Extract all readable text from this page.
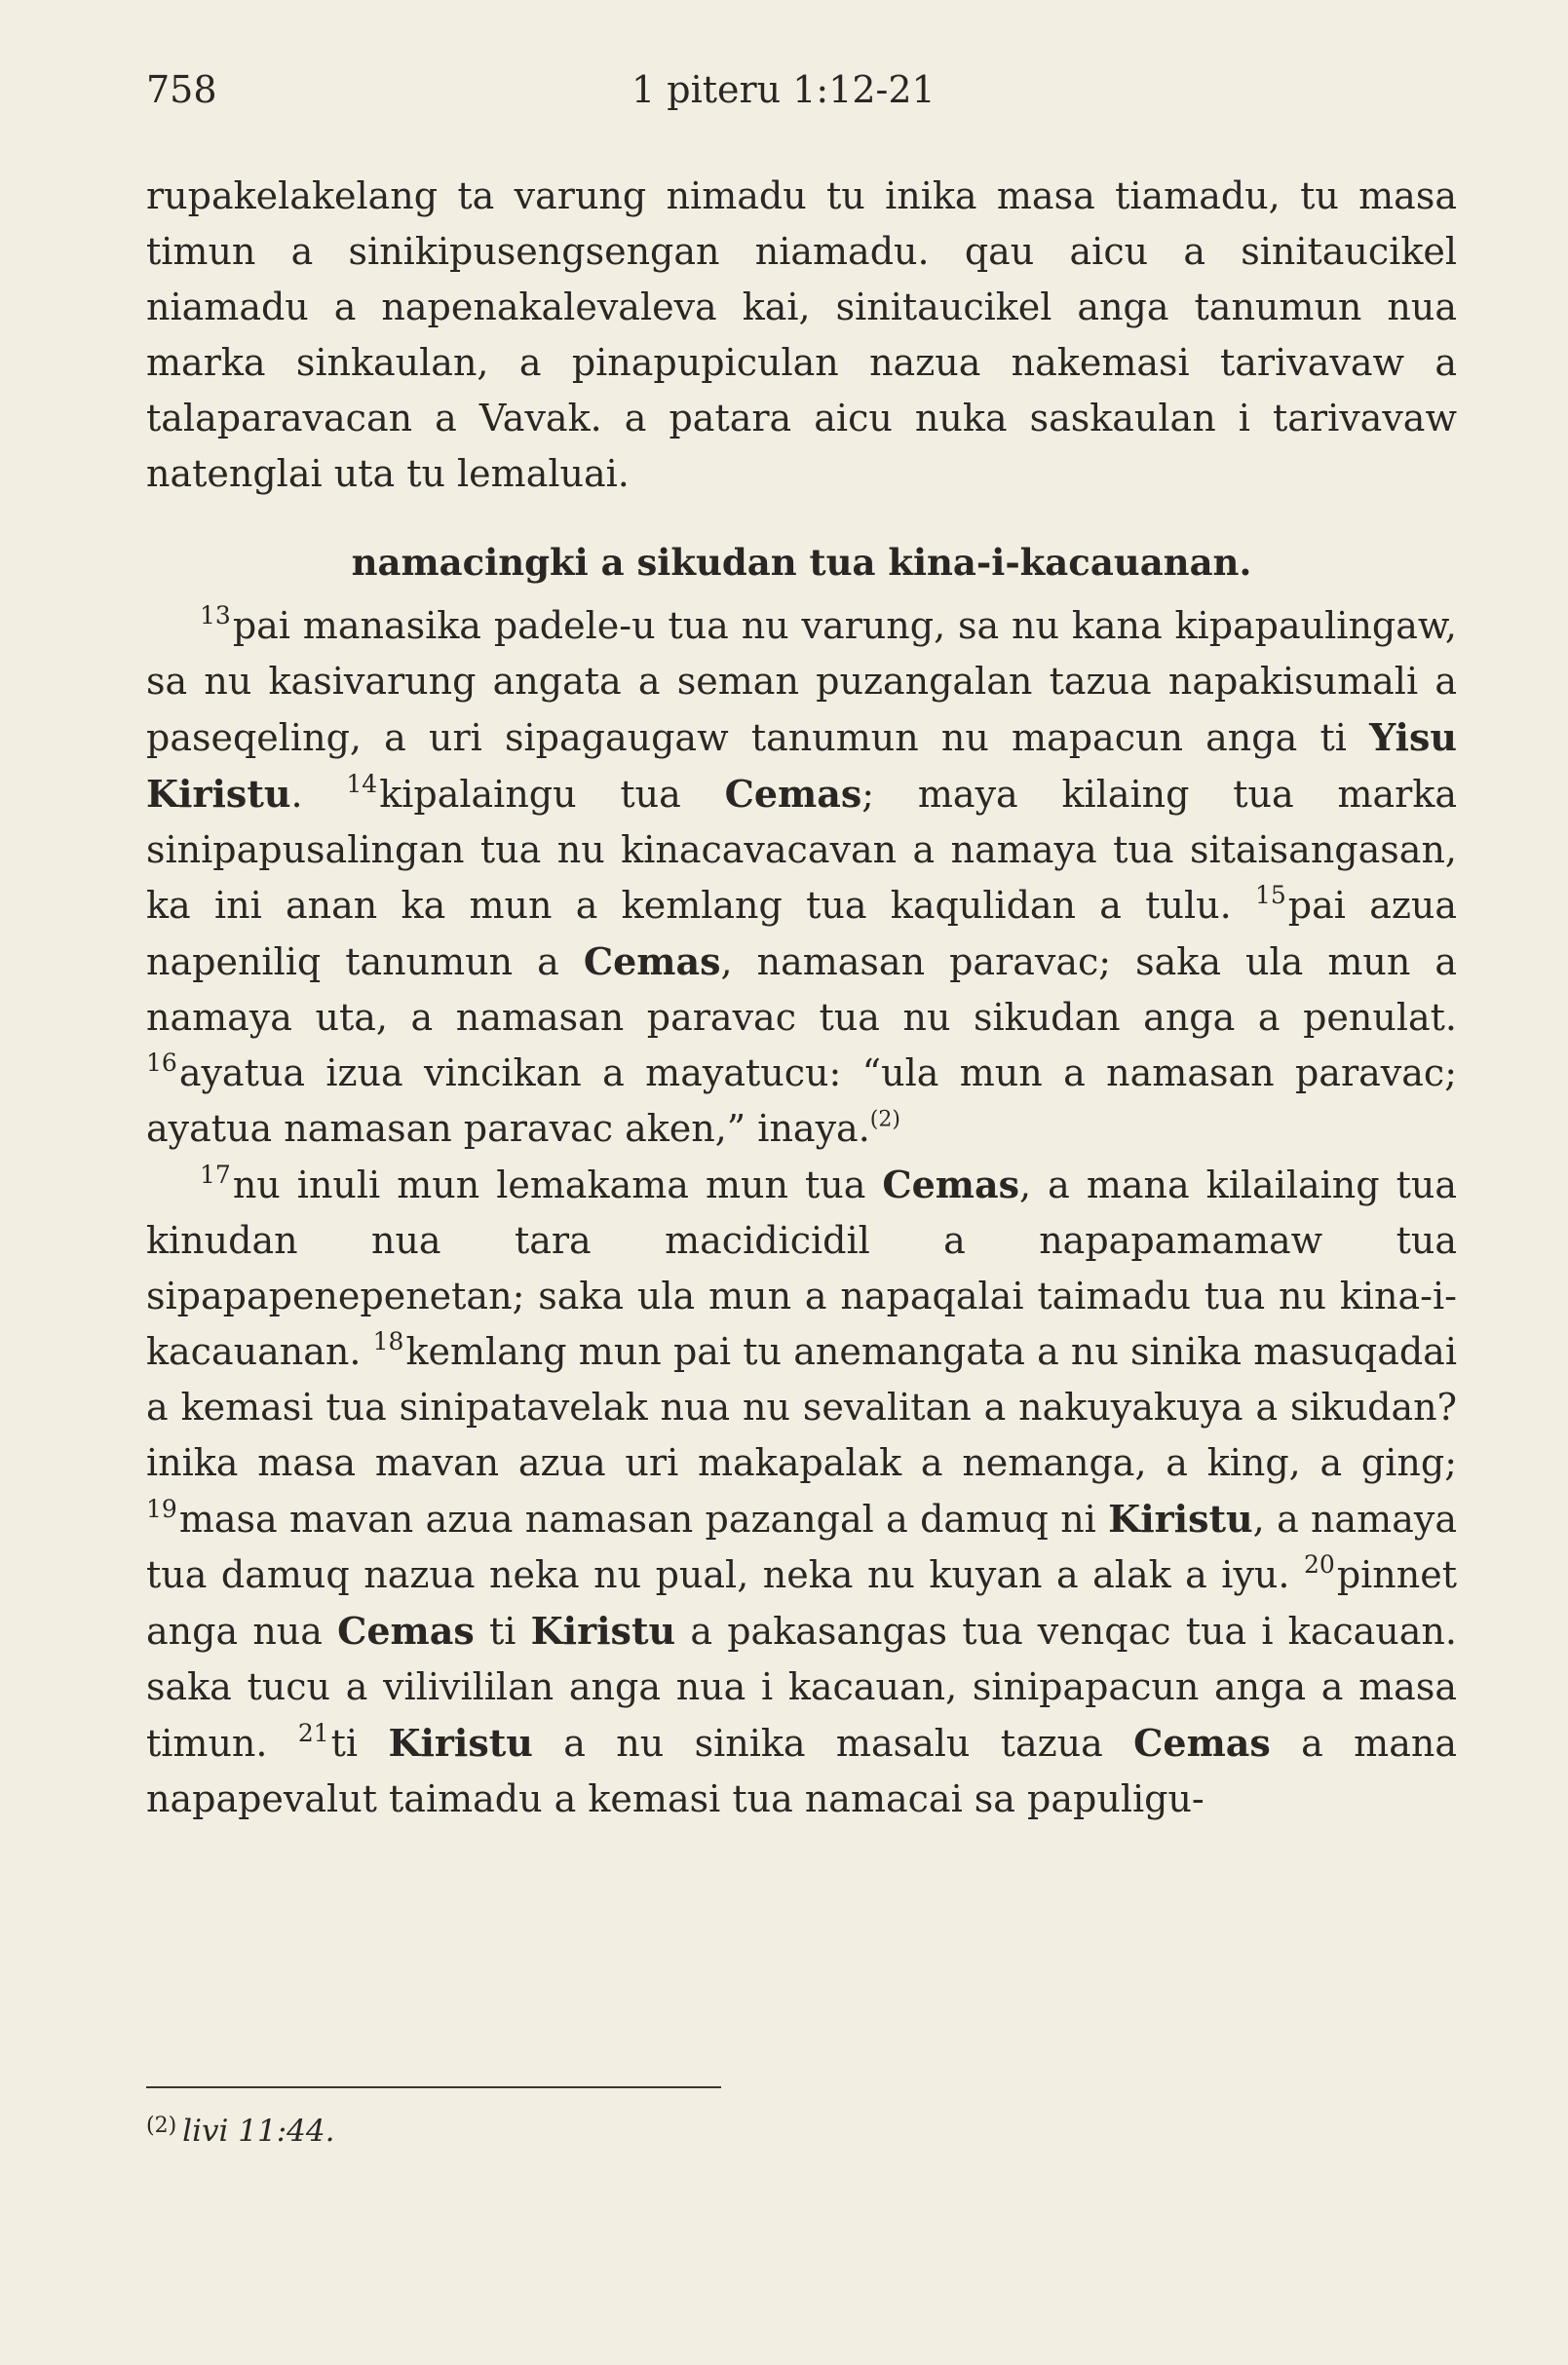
758	1 piteru 1:12-21

rupakelakelang ta varung nimadu tu inika masa tiamadu, tu masa timun a sinikipusengsengan niamadu. qau aicu a sinitaucikel niamadu a napenakalevaleva kai, sinitaucikel anga tanumun nua marka sinkaulan, a pinapupiculan nazua nakemasi tarivavaw a talaparavacan a Vavak. a patara aicu nuka saskaulan i tarivavaw natenglai uta tu lemaluai.

namacingki a sikudan tua kina-i-kacauanan.

$^{13}$pai manasika padele-u tua nu varung, sa nu kana kipapaulingaw, sa nu kasivarung angata a seman puzangalan tazua napakisumali a paseqeling, a uri sipagaugaw tanumun nu mapacun anga ti Yisu Kiristu. $^{14}$kipalaingu tua Cemas; maya kilaing tua marka sinipapusalingan tua nu kinacavacavan a namaya tua sitaisangasan, ka ini anan ka mun a kemlang tua kaqulidan a tulu. $^{15}$pai azua napeniliq tanumun a Cemas, namasan paravac; saka ula mun a namaya uta, a namasan paravac tua nu sikudan anga a penulat. $^{16}$ayatua izua vincikan a mayatucu: “ula mun a namasan paravac; ayatua namasan paravac aken,” inaya.$^{(2)}$

$^{17}$nu inuli mun lemakama mun tua Cemas, a mana kilailaing tua kinudan nua tara macidicidil a napapamamaw tua sipapapenepenetan; saka ula mun a napaqalai taimadu tua nu kina-i-kacauanan. $^{18}$kemlang mun pai tu anemangata a nu sinika masuqadai a kemasi tua sinipatavelak nua nu sevalitan a nakuyakuya a sikudan? inika masa mavan azua uri makapalak a nemanga, a king, a ging; $^{19}$masa mavan azua namasan pazangal a damuq ni Kiristu, a namaya tua damuq nazua neka nu pual, neka nu kuyan a alak a iyu. $^{20}$pinnet anga nua Cemas ti Kiristu a pakasangas tua venqac tua i kacauan. saka tucu a vilivililan anga nua i kacauan, sinipapacun anga a masa timun. $^{21}$ti Kiristu a nu sinika masalu tazua Cemas a mana napapevalut taimadu a kemasi tua namacai sa papuligu-

$^{(2)}$ livi 11:44.
